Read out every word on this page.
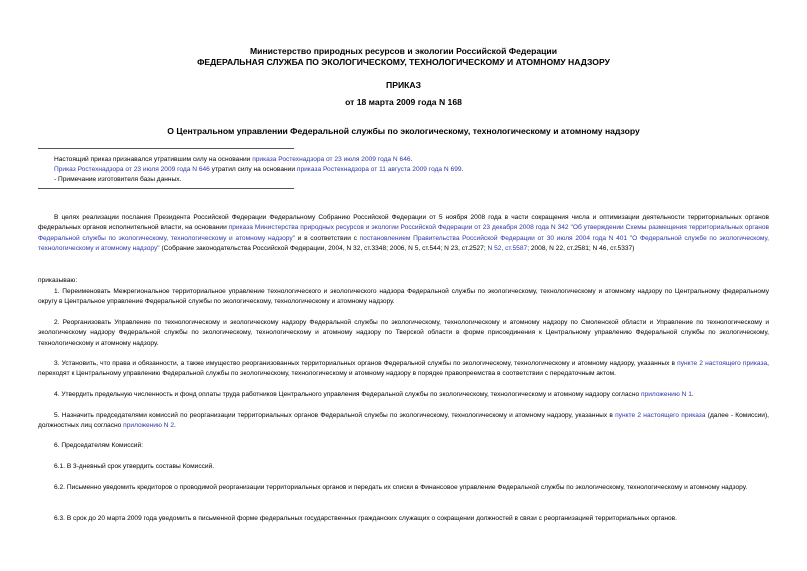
Министерство природных ресурсов и экологии Российской Федерации
ФЕДЕРАЛЬНАЯ СЛУЖБА ПО ЭКОЛОГИЧЕСКОМУ, ТЕХНОЛОГИЧЕСКОМУ И АТОМНОМУ НАДЗОРУ
ПРИКАЗ
от 18 марта 2009 года N 168
О Центральном управлении Федеральной службы по экологическому, технологическому и атомному надзору
Настоящий приказ признавался утратившим силу на основании приказа Ростехнадзора от 23 июля 2009 года N 646.
Приказ Ростехнадзора от 23 июля 2009 года N 646 утратил силу на основании приказа Ростехнадзора от 11 августа 2009 года N 699.
- Примечание изготовителя базы данных.
В целях реализации послания Президента Российской Федерации Федеральному Собранию Российской Федерации от 5 ноября 2008 года в части сокращения числа и оптимизации деятельности территориальных органов федеральных органов исполнительной власти, на основании приказа Министерства природных ресурсов и экологии Российской Федерации от 23 декабря 2008 года N 342 "Об утверждении Схемы размещения территориальных органов Федеральной службы по экологическому, технологическому и атомному надзору" и в соответствии с постановлением Правительства Российской Федерации от 30 июля 2004 года N 401 "О Федеральной службе по экологическому, технологическому и атомному надзору" (Собрание законодательства Российской Федерации, 2004, N 32, ст.3348; 2006, N 5, ст.544; N 23, ст.2527; N 52, ст.5587; 2008, N 22, ст.2581; N 46, ст.5337)
приказываю:
1. Переименовать Межрегиональное территориальное управление технологического и экологического надзора Федеральной службы по экологическому, технологическому и атомному надзору по Центральному федеральному округу в Центральное управление Федеральной службы по экологическому, технологическому и атомному надзору.
2. Реорганизовать Управление по технологическому и экологическому надзору Федеральной службы по экологическому, технологическому и атомному надзору по Смоленской области и Управление по технологическому и экологическому надзору Федеральной службы по экологическому, технологическому и атомному надзору по Тверской области в форме присоединения к Центральному управлению Федеральной службы по экологическому, технологическому и атомному надзору.
3. Установить, что права и обязанности, а также имущество реорганизованных территориальных органов Федеральной службы по экологическому, технологическому и атомному надзору, указанных в пункте 2 настоящего приказа, переходят к Центральному управлению Федеральной службы по экологическому, технологическому и атомному надзору в порядке правопреемства в соответствии с передаточным актом.
4. Утвердить предельную численность и фонд оплаты труда работников Центрального управления Федеральной службы по экологическому, технологическому и атомному надзору согласно приложению N 1.
5. Назначить председателями комиссий по реорганизации территориальных органов Федеральной службы по экологическому, технологическому и атомному надзору, указанных в пункте 2 настоящего приказа (далее - Комиссии), должностных лиц согласно приложению N 2.
6. Председателям Комиссий:
6.1. В 3-дневный срок утвердить составы Комиссий.
6.2. Письменно уведомить кредиторов о проводимой реорганизации территориальных органов и передать их списки в Финансовое управление Федеральной службы по экологическому, технологическому и атомному надзору.
6.3. В срок до 20 марта 2009 года уведомить в письменной форме федеральных государственных гражданских служащих о сокращении должностей в связи с реорганизацией территориальных органов.
